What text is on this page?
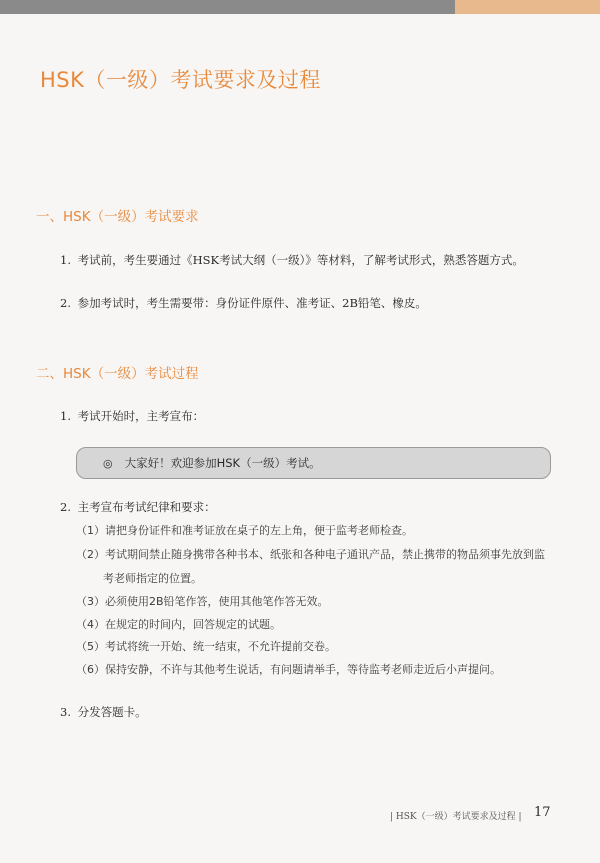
HSK（一级）考试要求及过程
一、HSK（一级）考试要求
1. 考试前，考生要通过《HSK考试大纲（一级）》等材料，了解考试形式，熟悉答题方式。
2. 参加考试时，考生需要带：身份证件原件、准考证、2B铅笔、橡皮。
二、HSK（一级）考试过程
1. 考试开始时，主考宣布：
◎ 大家好！欢迎参加HSK（一级）考试。
2. 主考宣布考试纪律和要求：
（1）请把身份证件和准考证放在桌子的左上角，便于监考老师检查。
（2）考试期间禁止随身携带各种书本、纸张和各种电子通讯产品，禁止携带的物品须事先放到监
考老师指定的位置。
（3）必须使用2B铅笔作答，使用其他笔作答无效。
（4）在规定的时间内，回答规定的试题。
（5）考试将统一开始、统一结束，不允许提前交卷。
（6）保持安静，不许与其他考生说话，有问题请举手，等待监考老师走近后小声提问。
3. 分发答题卡。
| HSK（一级）考试要求及过程 | 17
